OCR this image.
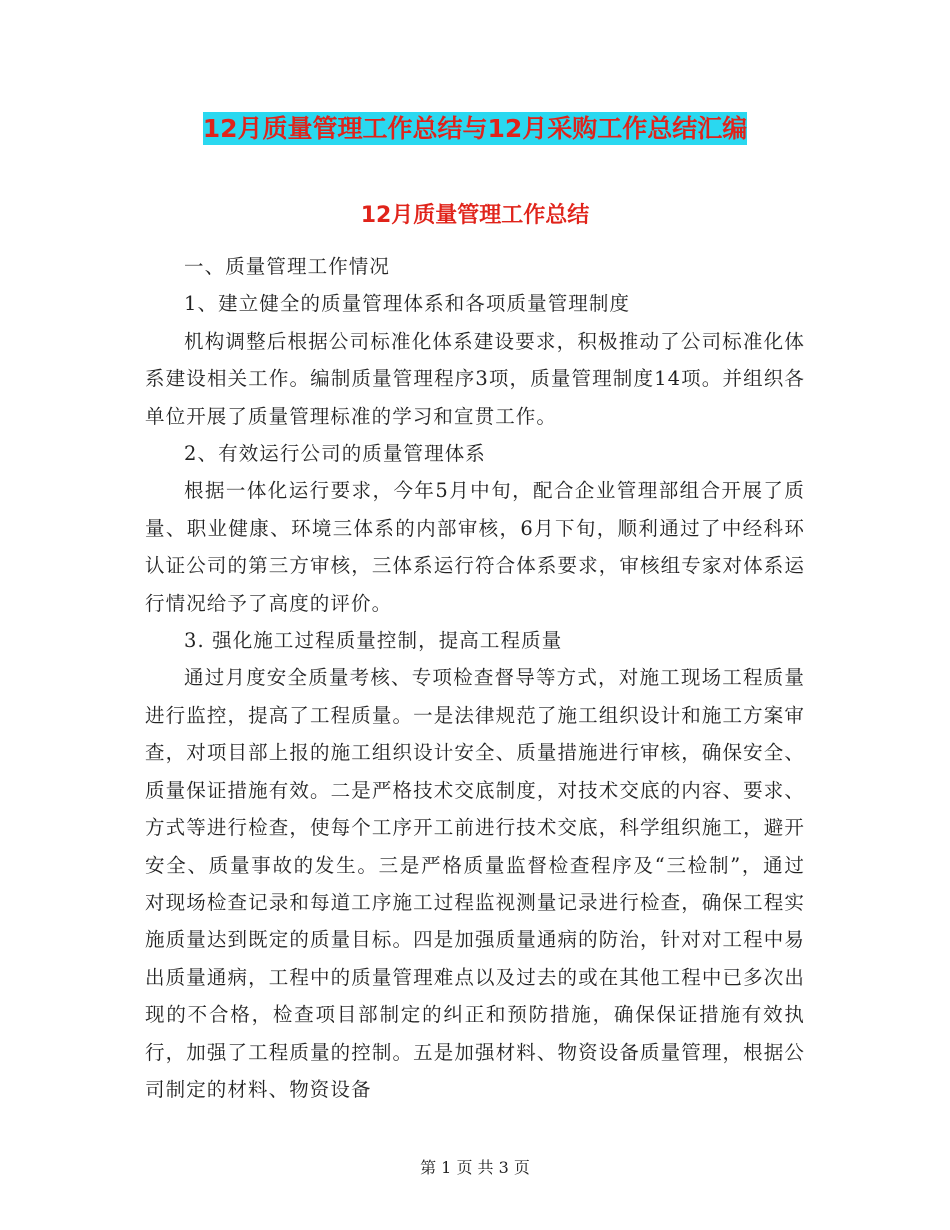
12月质量管理工作总结与12月采购工作总结汇编
12月质量管理工作总结

一、质量管理工作情况

1、建立健全的质量管理体系和各项质量管理制度

机构调整后根据公司标准化体系建设要求，积极推动了公司标准化体系建设相关工作。编制质量管理程序3项，质量管理制度14项。并组织各单位开展了质量管理标准的学习和宣贯工作。

2、有效运行公司的质量管理体系

根据一体化运行要求，今年5月中旬，配合企业管理部组合开展了质量、职业健康、环境三体系的内部审核，6月下旬，顺利通过了中经科环认证公司的第三方审核，三体系运行符合体系要求，审核组专家对体系运行情况给予了高度的评价。

3. 强化施工过程质量控制，提高工程质量

通过月度安全质量考核、专项检查督导等方式，对施工现场工程质量进行监控，提高了工程质量。一是法律规范了施工组织设计和施工方案审查，对项目部上报的施工组织设计安全、质量措施进行审核，确保安全、质量保证措施有效。二是严格技术交底制度，对技术交底的内容、要求、方式等进行检查，使每个工序开工前进行技术交底，科学组织施工，避开安全、质量事故的发生。三是严格质量监督检查程序及“三检制”，通过对现场检查记录和每道工序施工过程监视测量记录进行检查，确保工程实施质量达到既定的质量目标。四是加强质量通病的防治，针对对工程中易出质量通病，工程中的质量管理难点以及过去的或在其他工程中已多次出现的不合格，检查项目部制定的纠正和预防措施，确保保证措施有效执行，加强了工程质量的控制。五是加强材料、物资设备质量管理，根据公司制定的材料、物资设备

第 1 页 共 3 页
